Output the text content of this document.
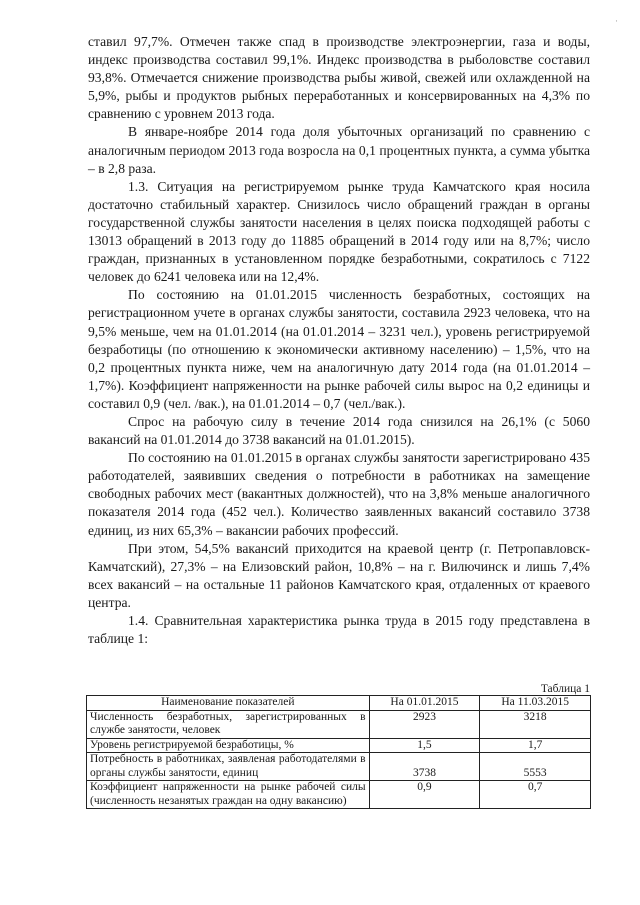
·

ставил 97,7%. Отмечен также спад в производстве электроэнергии, газа и воды, индекс производства составил 99,1%. Индекс производства в рыболовстве составил 93,8%. Отмечается снижение производства рыбы живой, свежей или охлажденной на 5,9%, рыбы и продуктов рыбных переработанных и консервированных на 4,3% по сравнению с уровнем 2013 года.

В январе-ноябре 2014 года доля убыточных организаций по сравнению с аналогичным периодом 2013 года возросла на 0,1 процентных пункта, а сумма убытка – в 2,8 раза.

1.3. Ситуация на регистрируемом рынке труда Камчатского края носила достаточно стабильный характер. Снизилось число обращений граждан в органы государственной службы занятости населения в целях поиска подходящей работы с 13013 обращений в 2013 году до 11885 обращений в 2014 году или на 8,7%; число граждан, признанных в установленном порядке безработными, сократилось с 7122 человек до 6241 человека или на 12,4%.

По состоянию на 01.01.2015 численность безработных, состоящих на регистрационном учете в органах службы занятости, составила 2923 человека, что на 9,5% меньше, чем на 01.01.2014 (на 01.01.2014 – 3231 чел.), уровень регистрируемой безработицы (по отношению к экономически активному населению) – 1,5%, что на 0,2 процентных пункта ниже, чем на аналогичную дату 2014 года (на 01.01.2014 – 1,7%). Коэффициент напряженности на рынке рабочей силы вырос на 0,2 единицы и составил 0,9 (чел. /вак.), на 01.01.2014 – 0,7 (чел./вак.).

Спрос на рабочую силу в течение 2014 года снизился на 26,1% (с 5060 вакансий на 01.01.2014 до 3738 вакансий на 01.01.2015).

По состоянию на 01.01.2015 в органах службы занятости зарегистрировано 435 работодателей, заявивших сведения о потребности в работниках на замещение свободных рабочих мест (вакантных должностей), что на 3,8% меньше аналогичного показателя 2014 года (452 чел.). Количество заявленных вакансий составило 3738 единиц, из них 65,3% – вакансии рабочих профессий.

При этом, 54,5% вакансий приходится на краевой центр (г. Петропавловск-Камчатский), 27,3% – на Елизовский район, 10,8% – на г. Вилючинск и лишь 7,4% всех вакансий – на остальные 11 районов Камчатского края, отдаленных от краевого центра.

1.4. Сравнительная характеристика рынка труда в 2015 году представлена в таблице 1:

Таблица 1
Наименование показателей	На 01.01.2015	На 11.03.2015
Численность безработных, зарегистрированных в службе занятости, человек	2923	3218
Уровень регистрируемой безработицы, %	1,5	1,7
Потребность в работниках, заявленая работодателями в органы службы занятости, единиц	3738	5553
Коэффициент напряженности на рынке рабочей силы (численность незанятых граждан на одну вакансию)	0,9	0,7
